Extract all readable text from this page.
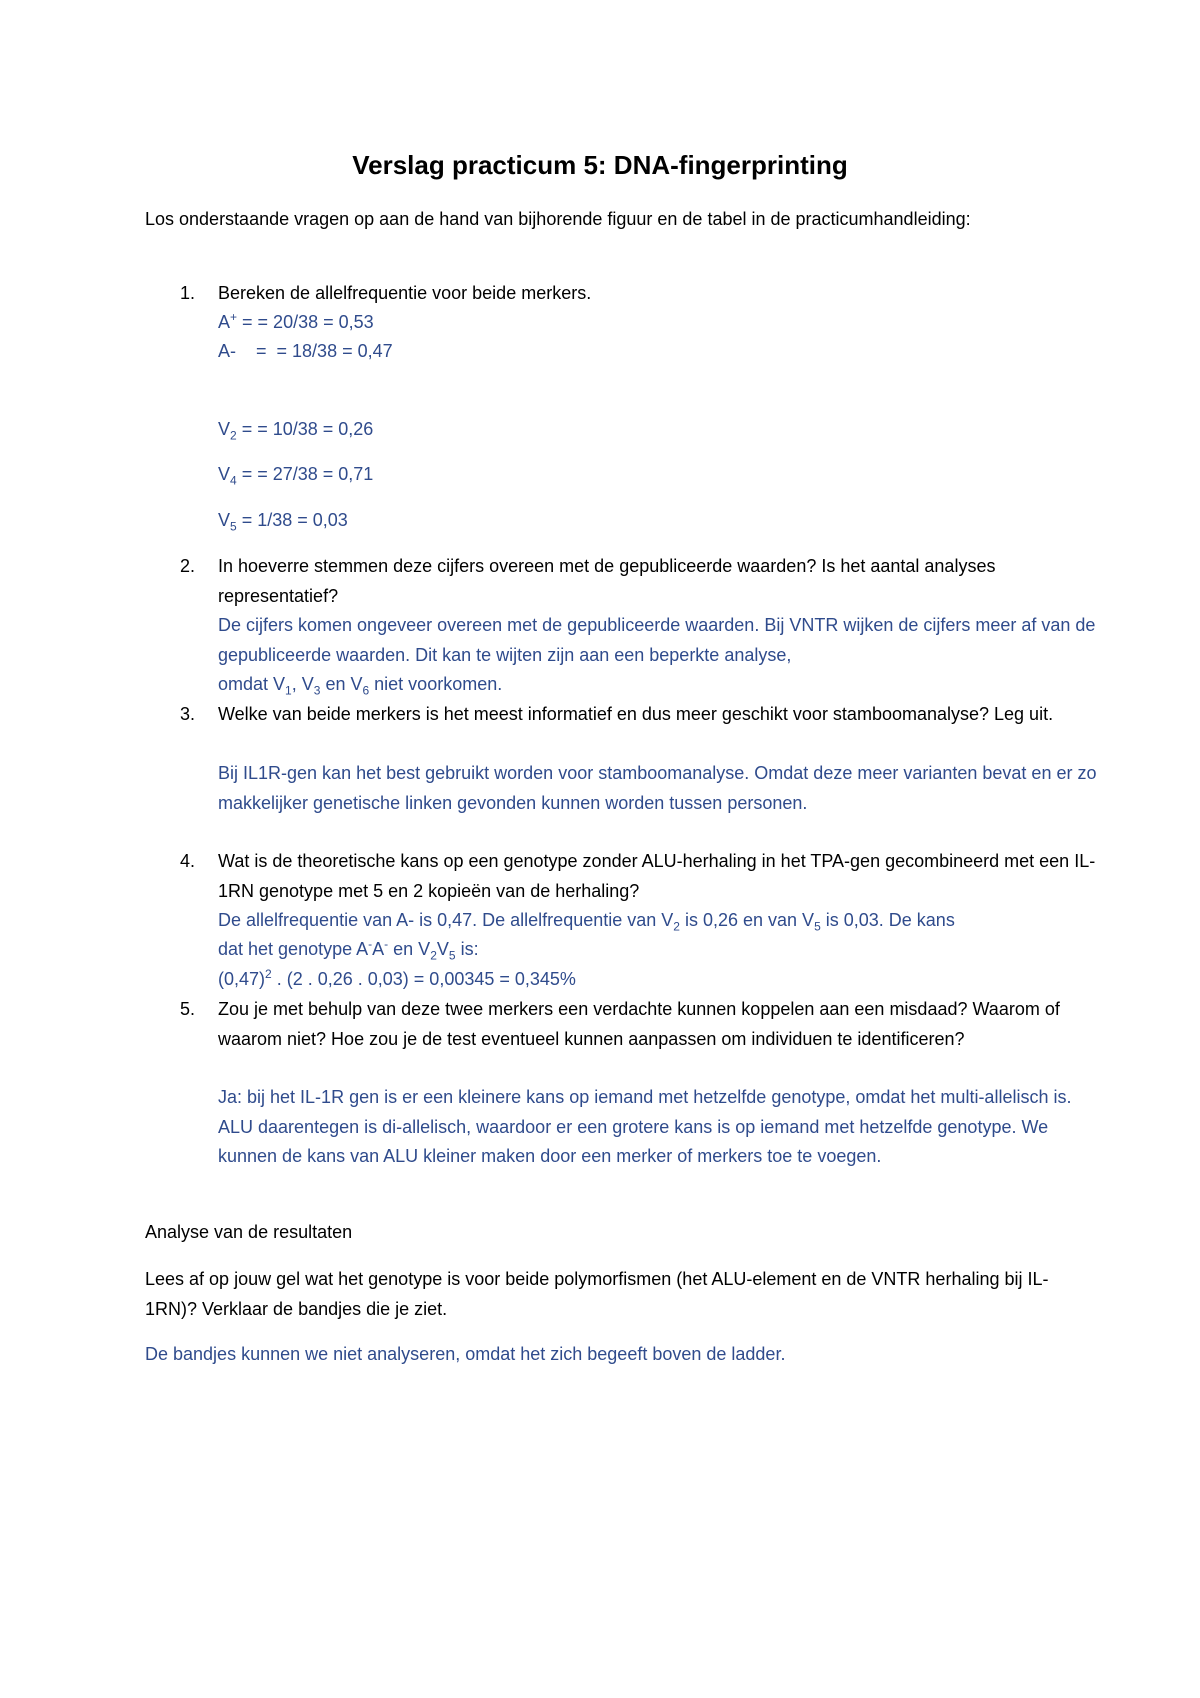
Verslag practicum 5: DNA-fingerprinting
Los onderstaande vragen op aan de hand van bijhorende figuur en de tabel in de practicumhandleiding:
1. Bereken de allelfrequentie voor beide merkers.
A+ = = 20/38 = 0,53
A-    =  = 18/38 = 0,47
$V_2$ = = 10/38 = 0,26
$V_4$ = = 27/38 = 0,71
$V_5 = 1/38 = 0,03$
2. In hoeverre stemmen deze cijfers overeen met de gepubliceerde waarden? Is het aantal analyses representatief?
De cijfers komen ongeveer overeen met de gepubliceerde waarden. Bij VNTR wijken de cijfers meer af van de gepubliceerde waarden. Dit kan te wijten zijn aan een beperkte analyse,
omdat $V_1$, $V_3$ en $V_6$ niet voorkomen.
3. Welke van beide merkers is het meest informatief en dus meer geschikt voor stamboomanalyse? Leg uit.
Bij IL1R-gen kan het best gebruikt worden voor stamboomanalyse. Omdat deze meer varianten bevat en er zo makkelijker genetische linken gevonden kunnen worden tussen personen.
4. Wat is de theoretische kans op een genotype zonder ALU-herhaling in het TPA-gen gecombineerd met een IL-1RN genotype met 5 en 2 kopieën van de herhaling?
De allelfrequentie van A- is 0,47. De allelfrequentie van $V_2$ is 0,26 en van $V_5$ is 0,03. De kans
dat het genotype A-A- en $V_2V_5$ is:
$(0,47)^2$ . (2 . 0,26 . 0,03) = 0,00345 = 0,345%
5. Zou je met behulp van deze twee merkers een verdachte kunnen koppelen aan een misdaad? Waarom of waarom niet? Hoe zou je de test eventueel kunnen aanpassen om individuen te identificeren?
Ja: bij het IL-1R gen is er een kleinere kans op iemand met hetzelfde genotype, omdat het multi-allelisch is. ALU daarentegen is di-allelisch, waardoor er een grotere kans is op iemand met hetzelfde genotype. We kunnen de kans van ALU kleiner maken door een merker of merkers toe te voegen.
Analyse van de resultaten
Lees af op jouw gel wat het genotype is voor beide polymorfismen (het ALU-element en de VNTR herhaling bij IL-1RN)? Verklaar de bandjes die je ziet.
De bandjes kunnen we niet analyseren, omdat het zich begeeft boven de ladder.
